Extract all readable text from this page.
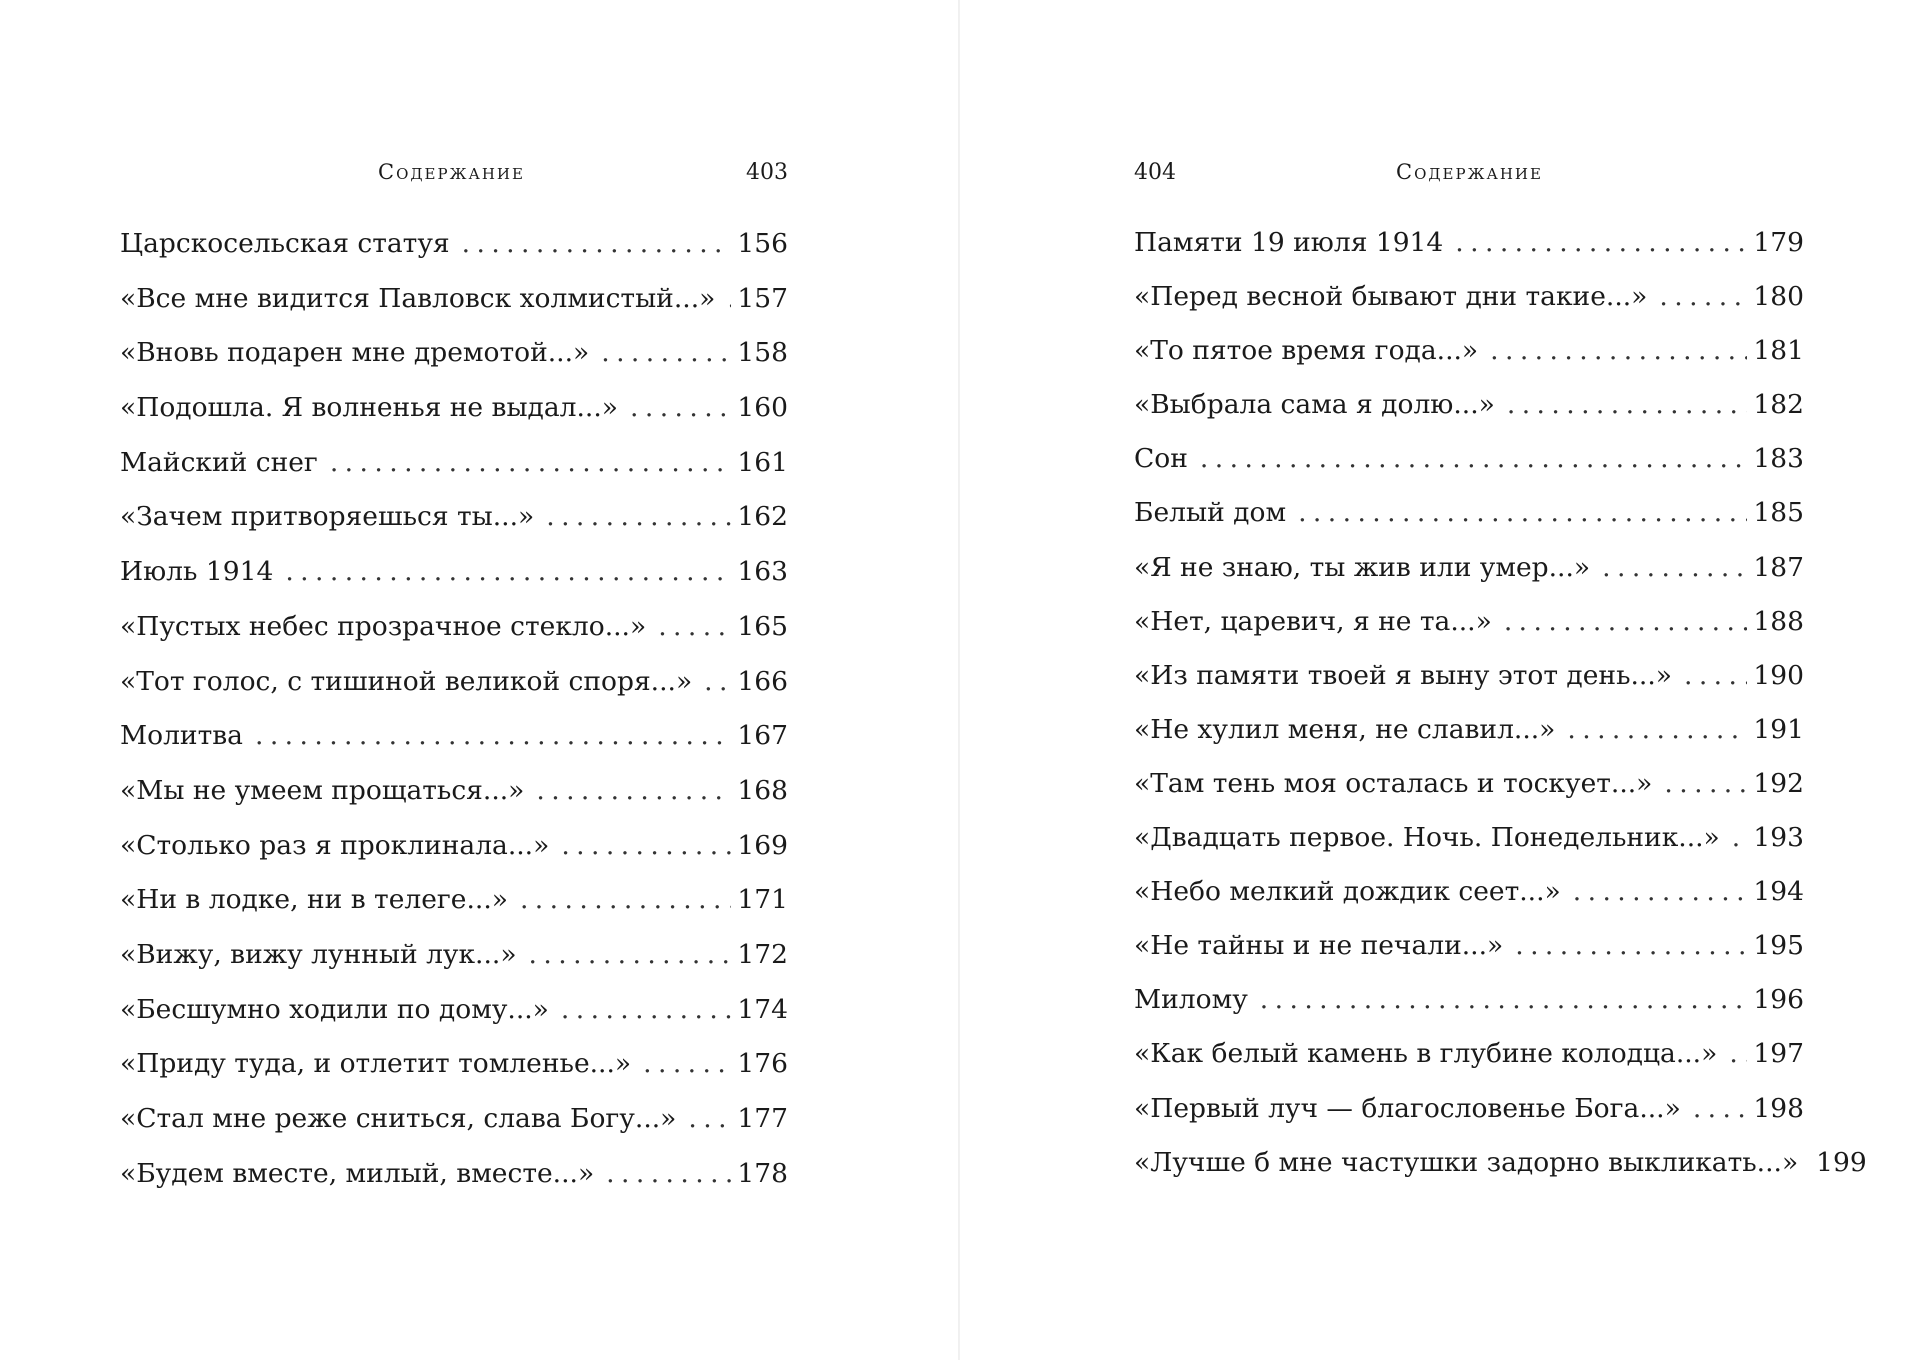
Содержание	403
Царскосельская статуя . . .	156
«Все мне видится Павловск холмистый...» . . . 157
«Вновь подарен мне дремотой...» . . .	158
«Подошла. Я волненья не выдал...» . . .	160
Майский снег . . .	161
«Зачем притворяешься ты...» . . .	162
Июль 1914 . . .	163
«Пустых небес прозрачное стекло...» . . .	165
«Тот голос, с тишиной великой споря...» . . . 166
Молитва . . .	167
«Мы не умеем прощаться...» . . .	168
«Столько раз я проклинала...» . . .	169
«Ни в лодке, ни в телеге...» . . .	171
«Вижу, вижу лунный лук...» . . .	172
«Бесшумно ходили по дому...» . . .	174
«Приду туда, и отлетит томленье...» . . .	176
«Стал мне реже сниться, слава Богу...» . . . 177
«Будем вместе, милый, вместе...» . . .	178
404	Содержание
Памяти 19 июля 1914 . . .	179
«Перед весной бывают дни такие...» . . .	180
«То пятое время года...» . . .	181
«Выбрала сама я долю...» . . .	182
Сон . . .	183
Белый дом . . .	185
«Я не знаю, ты жив или умер...» . . .	187
«Нет, царевич, я не та...» . . .	188
«Из памяти твоей я выну этот день...» . . .	190
«Не хулил меня, не славил...» . . .	191
«Там тень моя осталась и тоскует...» . . .	192
«Двадцать первое. Ночь. Понедельник...» . . . 193
«Небо мелкий дождик сеет...» . . .	194
«Не тайны и не печали...» . . .	195
Милому . . .	196
«Как белый камень в глубине колодца...» . . . 197
«Первый луч — благословенье Бога...» . . .	198
«Лучше б мне частушки задорно выкликать...» 199
